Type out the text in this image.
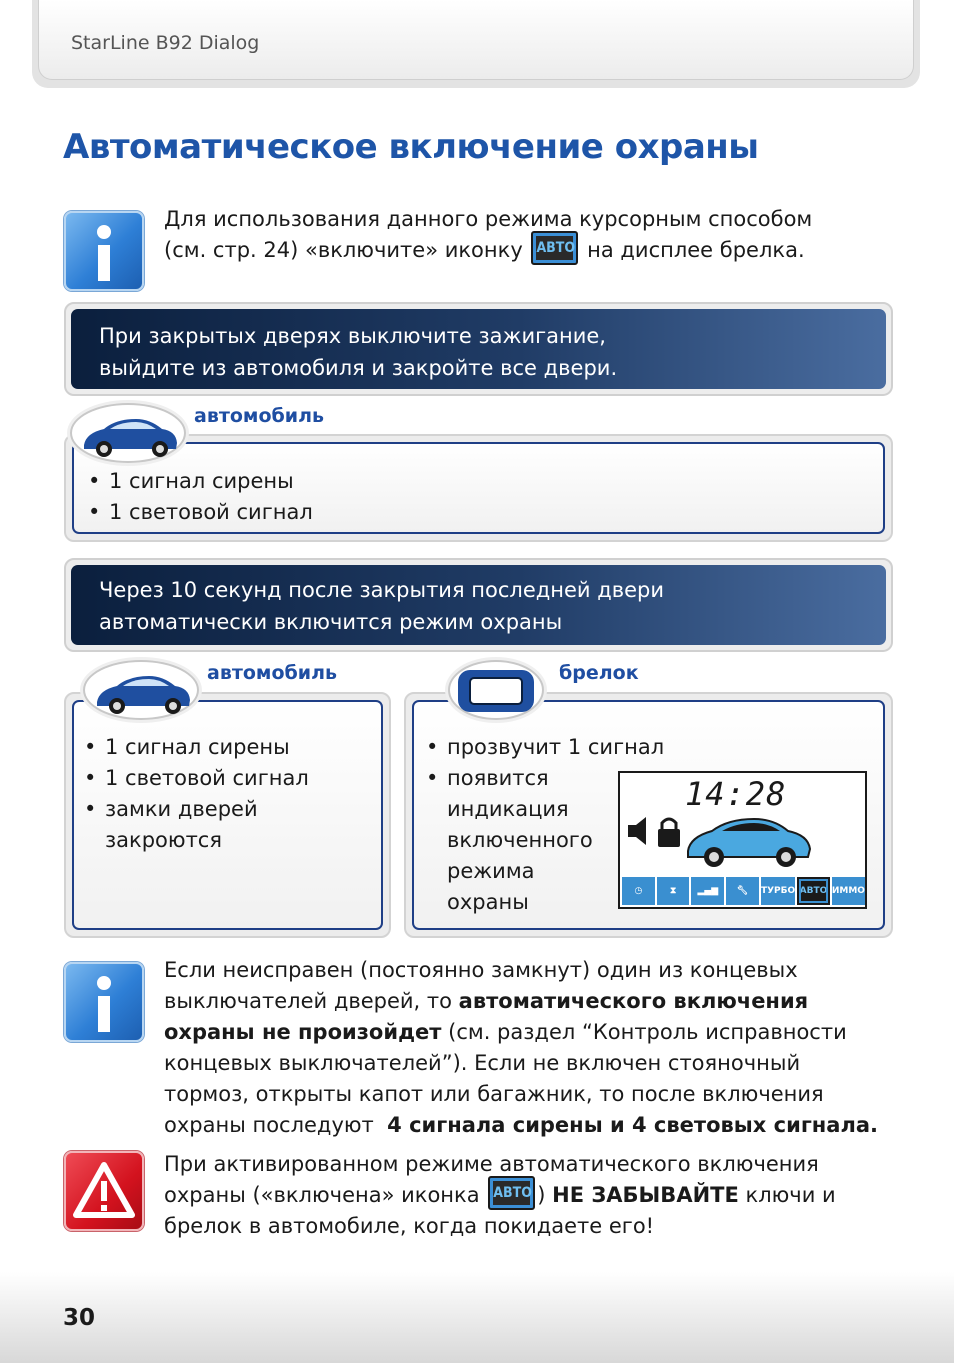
StarLine B92 Dialog
Автоматическое включение охраны
Для использования данного режима курсорным способом
(см. стр. 24) «включите» иконку АВТО на дисплее брелка.
При закрытых дверях выключите зажигание,
выйдите из автомобиля и закройте все двери.
• 1 сигнал сирены
• 1 световой сигнал
автомобиль
Через 10 секунд после закрытия последней двери
автоматически включится режим охраны
• 1 сигнал сирены
• 1 световой сигнал
• замки дверей
закроются
автомобиль
• прозвучит 1 сигнал
• появится
индикация
включенного
режима
охраны
брелок
14:28
◷	⧗	▂▄▆	🔧︎	ТУРБО АВТО ИММО
Если неисправен (постоянно замкнут) один из концевых
выключателей дверей, то автоматического включения
охраны не произойдет (см. раздел “Контроль исправности
концевых выключателей”). Если не включен стояночный
тормоз, открыты капот или багажник, то после включения
охраны последуют  4 сигнала сирены и 4 световых сигнала.
При активированном режиме автоматического включения
охраны («включена» иконка АВТО ) НЕ ЗАБЫВАЙТЕ ключи и
брелок в автомобиле, когда покидаете его!
30
